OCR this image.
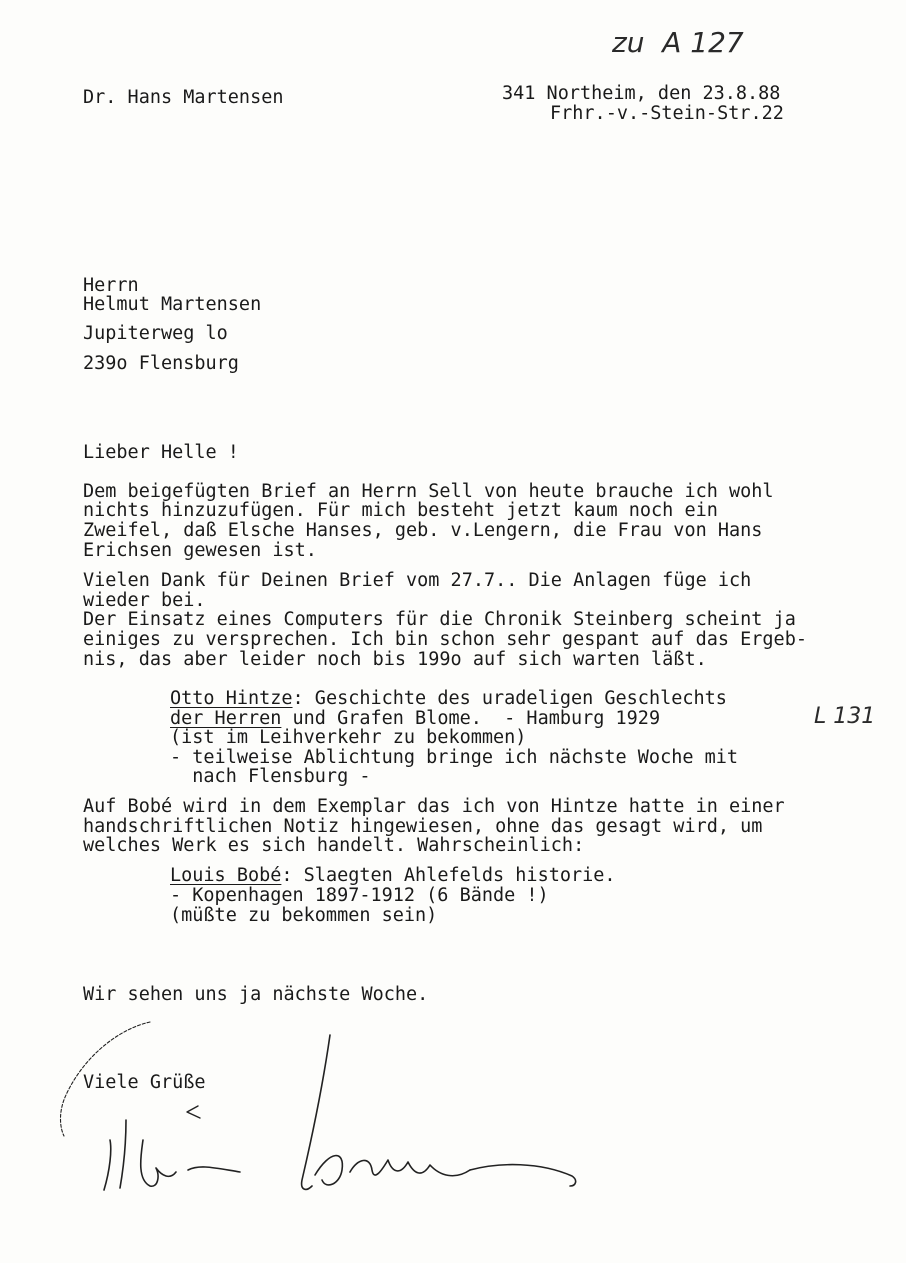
zu  A 127
L 131
Dr. Hans Martensen	341 Northeim, den 23.8.88
Frhr.-v.-Stein-Str.22
Herrn
Helmut Martensen
Jupiterweg lo
239o Flensburg
Lieber Helle !
Dem beigefügten Brief an Herrn Sell von heute brauche ich wohl
nichts hinzuzufügen. Für mich besteht jetzt kaum noch ein
Zweifel, daß Elsche Hanses, geb. v.Lengern, die Frau von Hans
Erichsen gewesen ist.
Vielen Dank für Deinen Brief vom 27.7.. Die Anlagen füge ich
wieder bei.
Der Einsatz eines Computers für die Chronik Steinberg scheint ja
einiges zu versprechen. Ich bin schon sehr gespant auf das Ergeb-
nis, das aber leider noch bis 199o auf sich warten läßt.
Otto Hintze: Geschichte des uradeligen Geschlechts
der Herren und Grafen Blome.  - Hamburg 1929
(ist im Leihverkehr zu bekommen)
- teilweise Ablichtung bringe ich nächste Woche mit
nach Flensburg -
Auf Bobé wird in dem Exemplar das ich von Hintze hatte in einer
handschriftlichen Notiz hingewiesen, ohne das gesagt wird, um
welches Werk es sich handelt. Wahrscheinlich:
Louis Bobé: Slaegten Ahlefelds historie.
- Kopenhagen 1897-1912 (6 Bände !)
(müßte zu bekommen sein)
Wir sehen uns ja nächste Woche.
Viele Grüße
